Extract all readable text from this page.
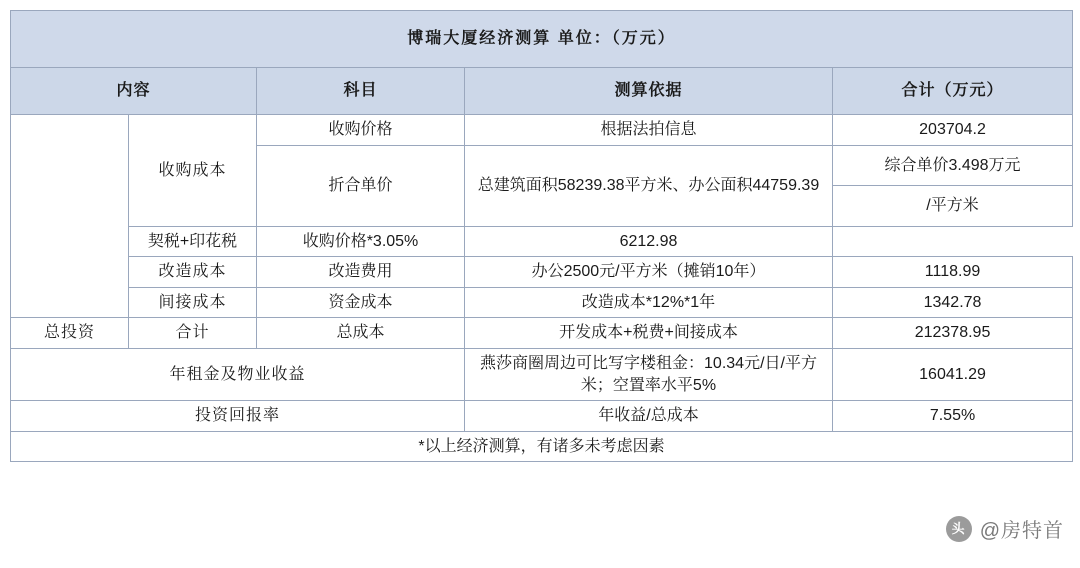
博瑞大厦经济测算 单位：（万元）				
内容		科目	测算依据	合计（万元）
	收购成本	收购价格	根据法拍信息	203704.2
		折合单价	总建筑面积58239.38平方米、办公面积44759.39	综合单价3.498万元
				/平方米
	契税+印花税	收购价格*3.05%	6212.98	
	改造成本	改造费用	办公2500元/平方米（摊销10年）	1118.99
	间接成本	资金成本	改造成本*12%*1年	1342.78
总投资	合计	总成本	开发成本+税费+间接成本	212378.95
年租金及物业收益			燕莎商圈周边可比写字楼租金：10.34元/日/平方米；空置率水平5%	16041.29
投资回报率			年收益/总成本	7.55%
*以上经济测算，有诸多未考虑因素				
头条
@房特首
